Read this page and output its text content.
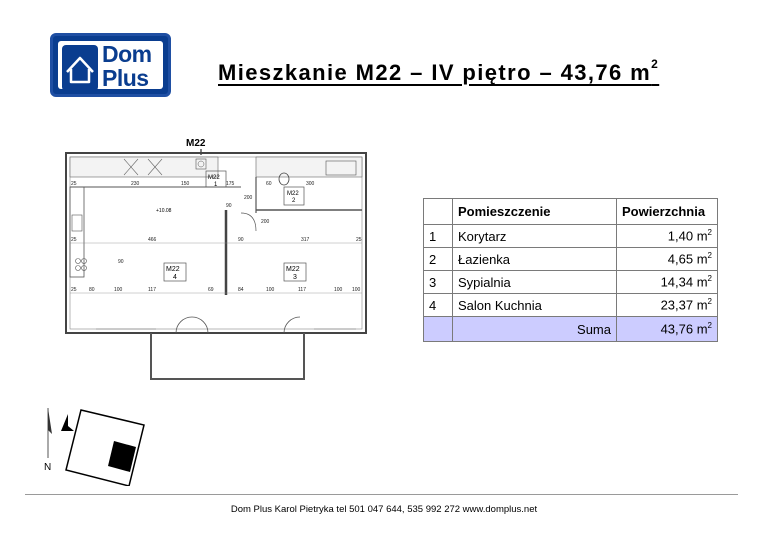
Dom
Plus	Mieszkanie M22 – IV piętro – 43,76 $m^2$
M22
M22
2
M22
1
M22
4
M22
3
+10.08
230	150	175	60
200
300
90
200
466	317
90
90
117
100	69	84	100	117	100
80	100
25
25
25
25
N
	Pomieszczenie	Powierzchnia
1	Korytarz	1,40 $m^2$
2	Łazienka	4,65 $m^2$
3	Sypialnia	14,34 $m^2$
4	Salon Kuchnia	23,37 $m^2$
	Suma	43,76 $m^2$
Dom Plus Karol Pietryka tel 501 047 644, 535 992 272 www.domplus.net
